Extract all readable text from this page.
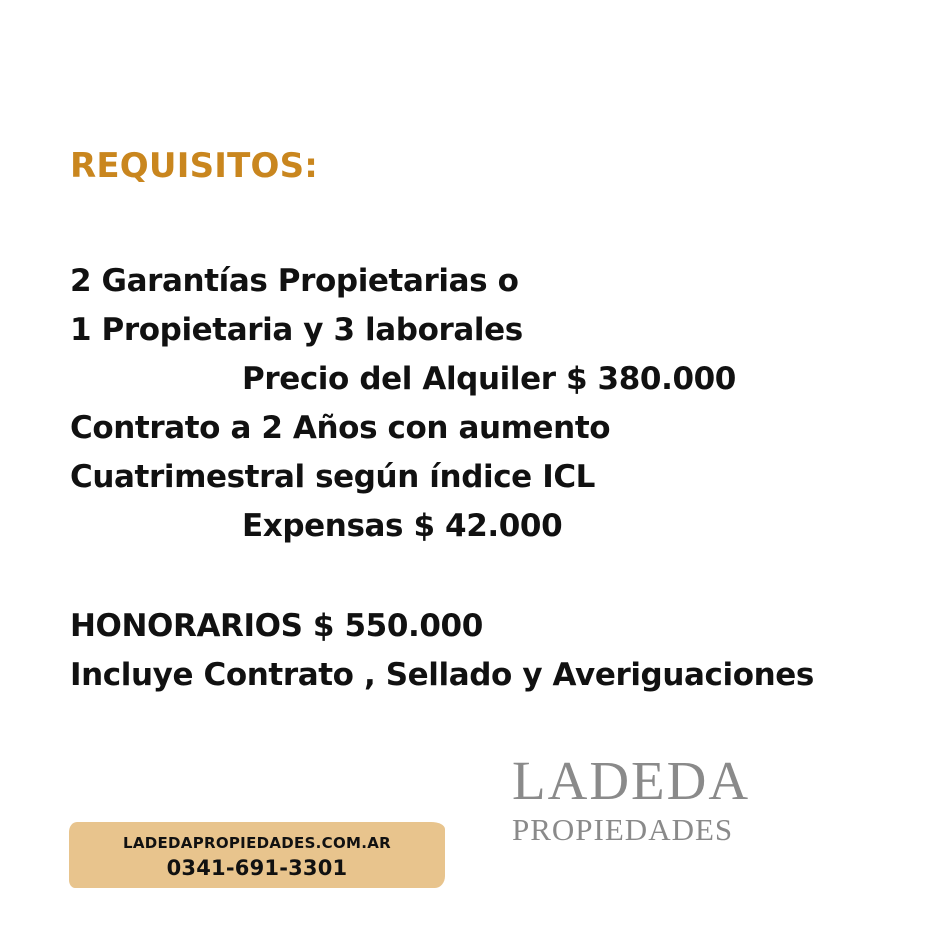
REQUISITOS:
2 Garantías Propietarias o
1 Propietaria y 3 laborales
Precio del Alquiler $ 380.000
Contrato a 2 Años con aumento
Cuatrimestral según índice ICL
Expensas $ 42.000
HONORARIOS $ 550.000
Incluye Contrato , Sellado y Averiguaciones
LADEDA
PROPIEDADES
LADEDAPROPIEDADES.COM.AR
0341-691-3301
